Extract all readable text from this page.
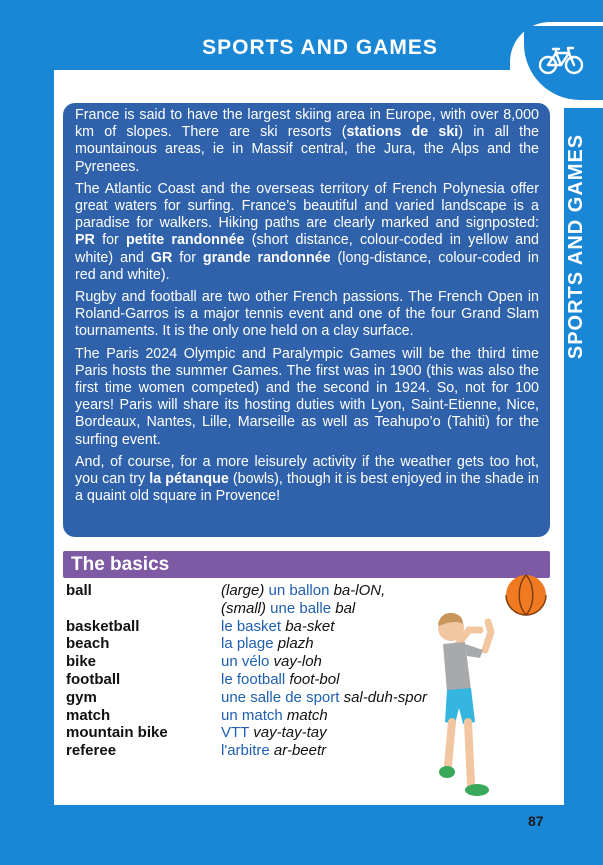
SPORTS AND GAMES
SPORTS AND GAMES

France is said to have the largest skiing area in Europe, with over 8,000 km of slopes. There are ski resorts (stations de ski) in all the mountainous areas, ie in Massif central, the Jura, the Alps and the Pyrenees.

The Atlantic Coast and the overseas territory of French Polynesia offer great waters for surfing. France’s beautiful and varied landscape is a paradise for walkers. Hiking paths are clearly marked and signposted: PR for petite randonnée (short distance, colour-coded in yellow and white) and GR for grande randonnée (long-distance, colour-coded in red and white).

Rugby and football are two other French passions. The French Open in Roland-Garros is a major tennis event and one of the four Grand Slam tournaments. It is the only one held on a clay surface.

The Paris 2024 Olympic and Paralympic Games will be the third time Paris hosts the summer Games. The first was in 1900 (this was also the first time women competed) and the second in 1924. So, not for 100 years! Paris will share its hosting duties with Lyon, Saint-Etienne, Nice, Bordeaux, Nantes, Lille, Marseille as well as Teahupo’o (Tahiti) for the surfing event.

And, of course, for a more leisurely activity if the weather gets too hot, you can try la pétanque (bowls), though it is best enjoyed in the shade in a quaint old square in Provence!

The basics
ball	(large) un ballon ba-lON,
(small) une balle bal
basketball	le basket ba-sket
beach	la plage plazh
bike	un vélo vay-loh
football	le football foot-bol
gym	une salle de sport sal-duh-spor
match	un match match
mountain bike	VTT vay-tay-tay
referee	l'arbitre ar-beetr
87
